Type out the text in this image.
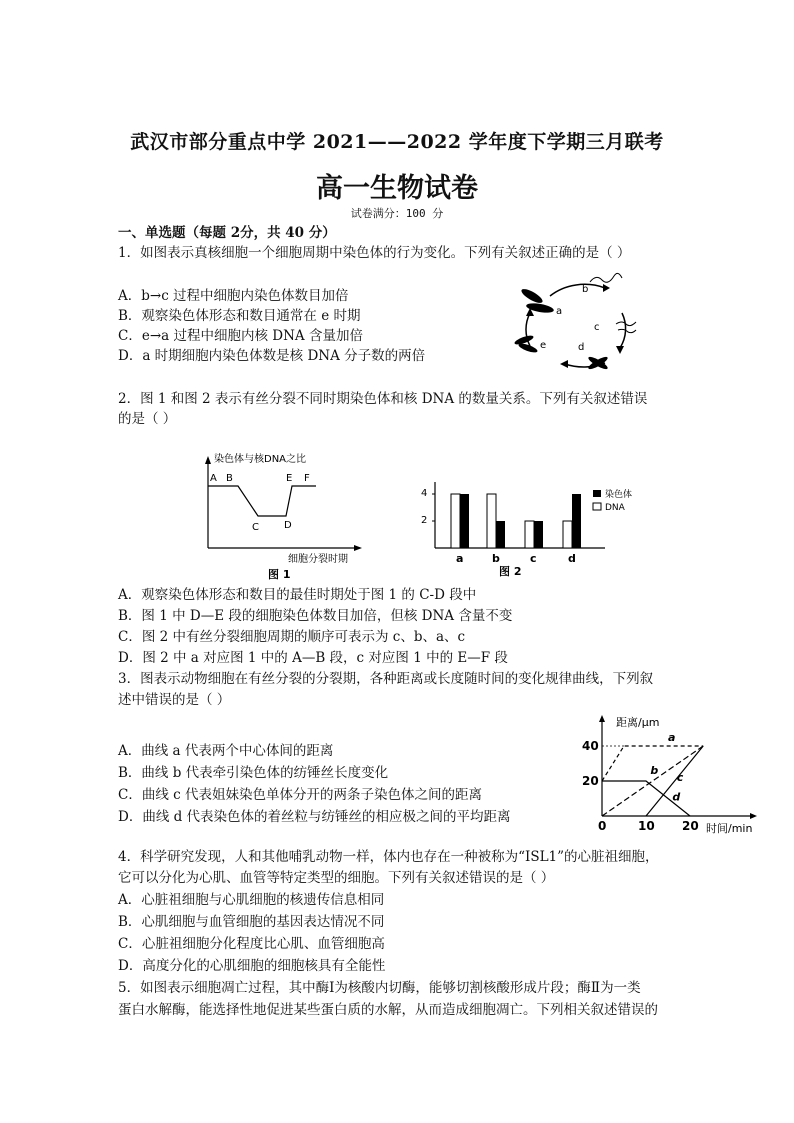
武汉市部分重点中学 2021——2022 学年度下学期三月联考
高一生物试卷
试卷满分：100 分
一、单选题（每题 2分，共 40 分）
1．如图表示真核细胞一个细胞周期中染色体的行为变化。下列有关叙述正确的是（ ）
A．b→c 过程中细胞内染色体数目加倍
B．观察染色体形态和数目通常在 e 时期
C．e→a 过程中细胞内核 DNA 含量加倍
D．a 时期细胞内染色体数是核 DNA 分子数的两倍
a
b
c
d
e
2．图 1 和图 2 表示有丝分裂不同时期染色体和核 DNA 的数量关系。下列有关叙述错误
的是（ ）
染色体与核DNA之比
细胞分裂时期
A B
C	D
E F
图 1
4
2
a	b	c	d
染色体
DNA
图 2
A．观察染色体形态和数目的最佳时期处于图 1 的 C-D 段中
B．图 1 中 D—E 段的细胞染色体数目加倍，但核 DNA 含量不变
C．图 2 中有丝分裂细胞周期的顺序可表示为 c、b、a、c
D．图 2 中 a 对应图 1 中的 A—B 段，c 对应图 1 中的 E—F 段
3．图表示动物细胞在有丝分裂的分裂期，各种距离或长度随时间的变化规律曲线，下列叙
述中错误的是（ ）
A．曲线 a 代表两个中心体间的距离
B．曲线 b 代表牵引染色体的纺锤丝长度变化
C．曲线 c 代表姐妹染色单体分开的两条子染色体之间的距离
D．曲线 d 代表染色体的着丝粒与纺锤丝的相应极之间的平均距离
0	10 20
20
40
a
b
c
d
距离/μm
时间/min
4．科学研究发现，人和其他哺乳动物一样，体内也存在一种被称为“ISL1”的心脏祖细胞，
它可以分化为心肌、血管等特定类型的细胞。下列有关叙述错误的是（ ）
A．心脏祖细胞与心肌细胞的核遗传信息相同
B．心肌细胞与血管细胞的基因表达情况不同
C．心脏祖细胞分化程度比心肌、血管细胞高
D．高度分化的心肌细胞的细胞核具有全能性
5．如图表示细胞凋亡过程，其中酶Ⅰ为核酸内切酶，能够切割核酸形成片段；酶Ⅱ为一类
蛋白水解酶，能选择性地促进某些蛋白质的水解，从而造成细胞凋亡。下列相关叙述错误的
